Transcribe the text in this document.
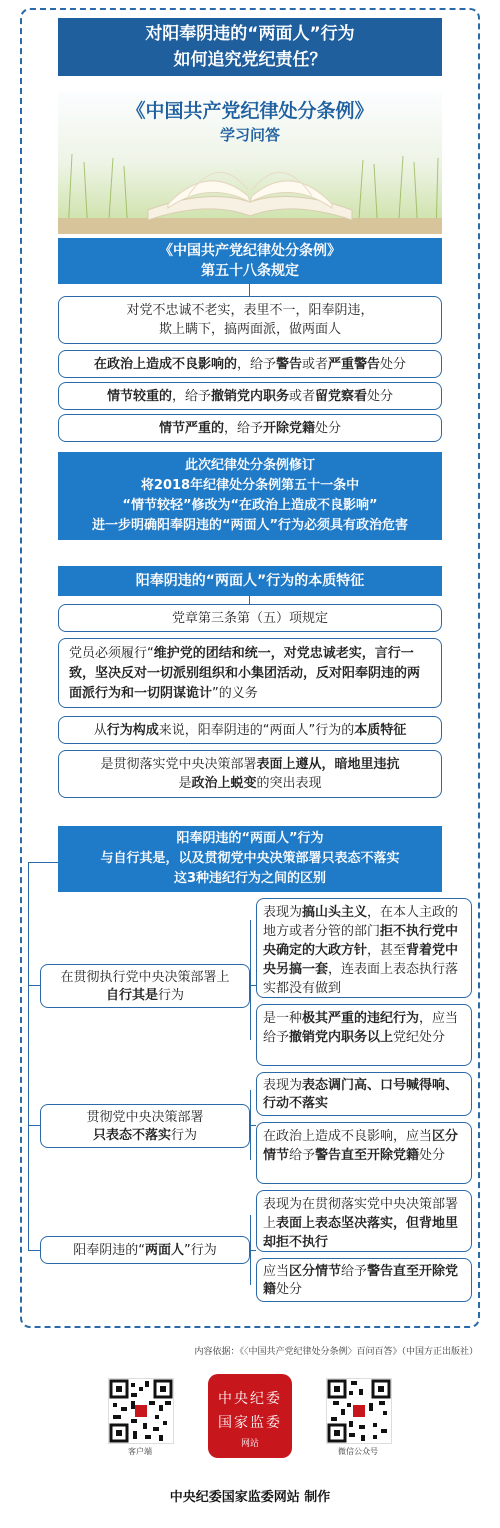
对阳奉阴违的“两面人”行为
如何追究党纪责任？
《中国共产党纪律处分条例》
学习问答
《中国共产党纪律处分条例》
第五十八条规定
对党不忠诚不老实，表里不一，阳奉阴违，
欺上瞒下，搞两面派，做两面人
在政治上造成不良影响的，给予警告或者严重警告处分
情节较重的，给予撤销党内职务或者留党察看处分
情节严重的，给予开除党籍处分
此次纪律处分条例修订
将2018年纪律处分条例第五十一条中
“情节较轻”修改为“在政治上造成不良影响”
进一步明确阳奉阴违的“两面人”行为必须具有政治危害
阳奉阴违的“两面人”行为的本质特征
党章第三条第（五）项规定
党员必须履行“维护党的团结和统一，对党忠诚老实，言行一致，坚决反对一切派别组织和小集团活动，反对阳奉阴违的两面派行为和一切阴谋诡计”的义务
从行为构成来说，阳奉阴违的“两面人”行为的本质特征
是贯彻落实党中央决策部署表面上遵从，暗地里违抗
是政治上蜕变的突出表现
阳奉阴违的“两面人”行为
与自行其是，以及贯彻党中央决策部署只表态不落实
这3种违纪行为之间的区别
在贯彻执行党中央决策部署上
自行其是行为
表现为搞山头主义，在本人主政的地方或者分管的部门拒不执行党中央确定的大政方针，甚至背着党中央另搞一套，连表面上表态执行落实都没有做到
是一种极其严重的违纪行为，应当给予撤销党内职务以上党纪处分
贯彻党中央决策部署
只表态不落实行为
表现为表态调门高、口号喊得响、行动不落实
在政治上造成不良影响，应当区分情节给予警告直至开除党籍处分
阳奉阴违的“两面人”行为
表现为在贯彻落实党中央决策部署上表面上表态坚决落实，但背地里却拒不执行
应当区分情节给予警告直至开除党籍处分
内容依据：《〈中国共产党纪律处分条例〉百问百答》（中国方正出版社）
客户端
中央纪委
国家监委
网站
微信公众号
中央纪委国家监委网站 制作
